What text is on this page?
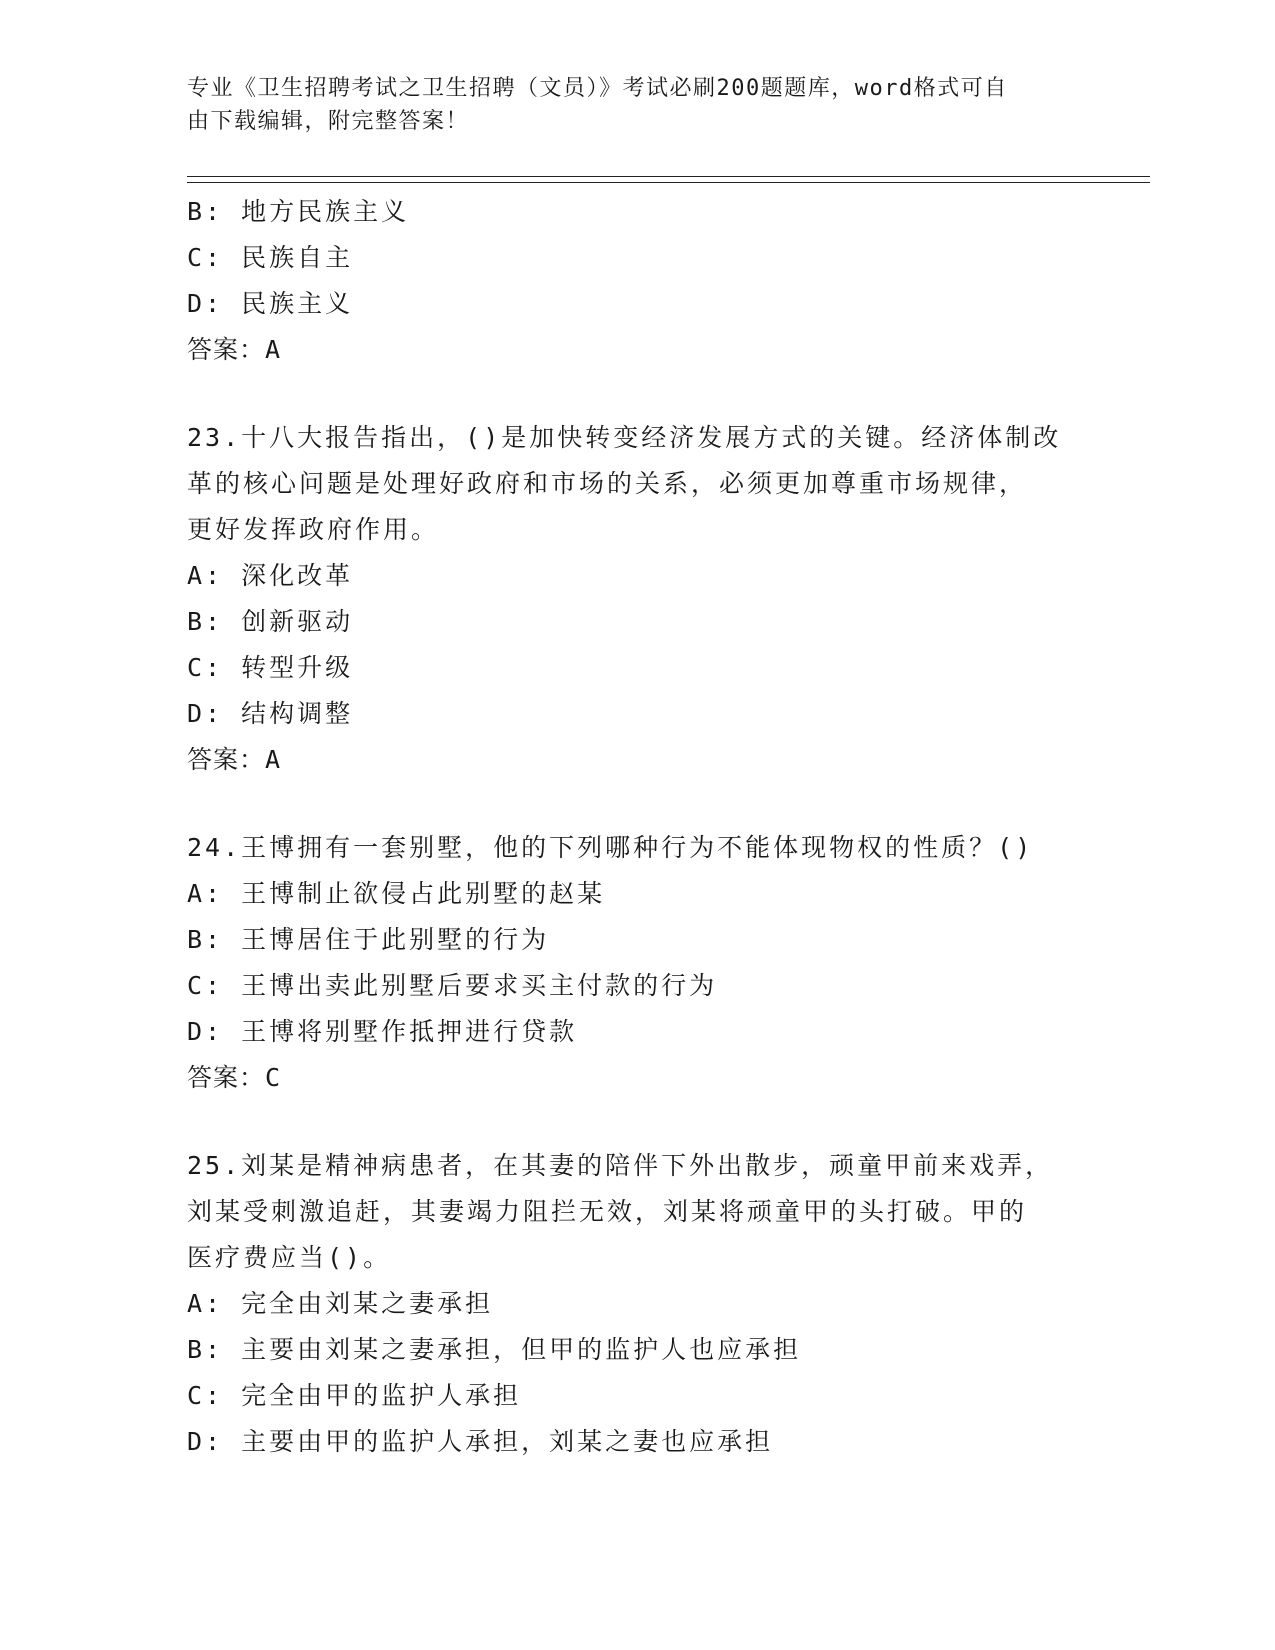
专业《卫生招聘考试之卫生招聘（文员）》考试必刷200题题库，word格式可自
由下载编辑，附完整答案！
B: 地方民族主义
C: 民族自主
D: 民族主义
答案：A
23.十八大报告指出，()是加快转变经济发展方式的关键。经济体制改
革的核心问题是处理好政府和市场的关系，必须更加尊重市场规律，
更好发挥政府作用。
A: 深化改革
B: 创新驱动
C: 转型升级
D: 结构调整
答案：A
24.王博拥有一套别墅，他的下列哪种行为不能体现物权的性质？()
A: 王博制止欲侵占此别墅的赵某
B: 王博居住于此别墅的行为
C: 王博出卖此别墅后要求买主付款的行为
D: 王博将别墅作抵押进行贷款
答案：C
25.刘某是精神病患者，在其妻的陪伴下外出散步，顽童甲前来戏弄，
刘某受刺激追赶，其妻竭力阻拦无效，刘某将顽童甲的头打破。甲的
医疗费应当()。
A: 完全由刘某之妻承担
B: 主要由刘某之妻承担，但甲的监护人也应承担
C: 完全由甲的监护人承担
D: 主要由甲的监护人承担，刘某之妻也应承担
